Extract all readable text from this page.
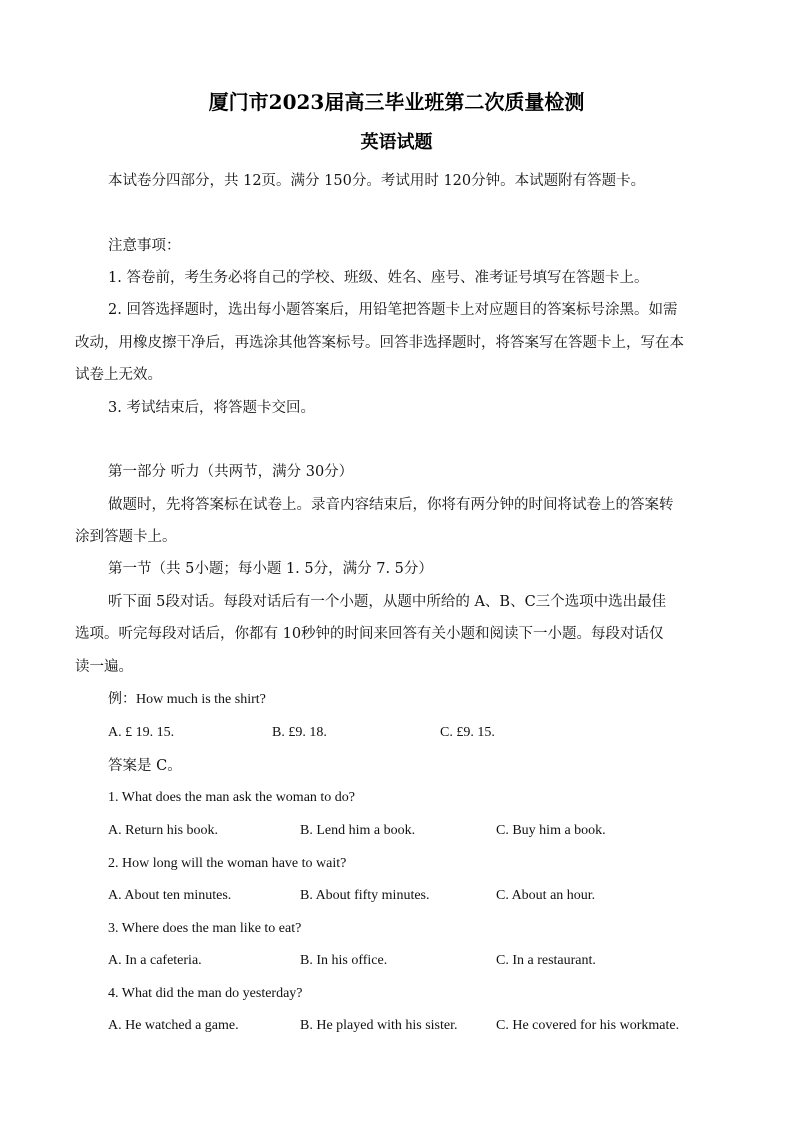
厦门市2023届高三毕业班第二次质量检测
英语试题
本试卷分四部分，共 12页。满分 150分。考试用时 120分钟。本试题附有答题卡。
注意事项：
1. 答卷前，考生务必将自己的学校、班级、姓名、座号、准考证号填写在答题卡上。
2. 回答选择题时，选出每小题答案后，用铅笔把答题卡上对应题目的答案标号涂黑。如需
改动，用橡皮擦干净后，再选涂其他答案标号。回答非选择题时，将答案写在答题卡上，写在本
试卷上无效。
3. 考试结束后，将答题卡交回。
第一部分 听力（共两节，满分 30分）
做题时，先将答案标在试卷上。录音内容结束后，你将有两分钟的时间将试卷上的答案转
涂到答题卡上。
第一节（共 5小题；每小题 1. 5分，满分 7. 5分）
听下面 5段对话。每段对话后有一个小题，从题中所给的 A、B、C三个选项中选出最佳
选项。听完每段对话后，你都有 10秒钟的时间来回答有关小题和阅读下一小题。每段对话仅
读一遍。
例：How much is the shirt?
A. £ 19. 15.	B. £9. 18.	C. £9. 15.
答案是 C。
1. What does the man ask the woman to do?
A. Return his book.	B. Lend him a book.	C. Buy him a book.
2. How long will the woman have to wait?
A. About ten minutes.	B. About fifty minutes.	C. About an hour.
3. Where does the man like to eat?
A. In a cafeteria.	B. In his office.	C. In a restaurant.
4. What did the man do yesterday?
A. He watched a game.	B. He played with his sister.	C. He covered for his workmate.
